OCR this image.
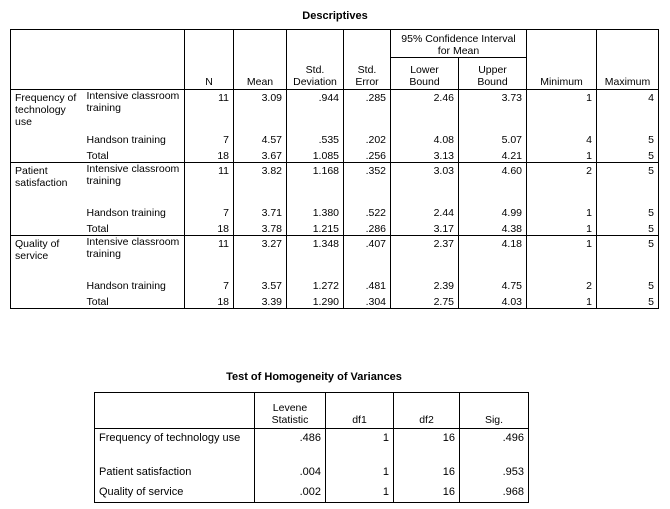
Descriptives
		N	Mean	Std. Deviation	Std. Error	95% Confidence Interval for Mean		Minimum	Maximum
						Lower Bound	Upper Bound		
Frequency of technology use	Intensive classroom training	11	3.09	.944	.285	2.46	3.73	1	4
	Handson training	7	4.57	.535	.202	4.08	5.07	4	5
	Total	18	3.67	1.085	.256	3.13	4.21	1	5
Patient satisfaction	Intensive classroom training	11	3.82	1.168	.352	3.03	4.60	2	5
	Handson training	7	3.71	1.380	.522	2.44	4.99	1	5
	Total	18	3.78	1.215	.286	3.17	4.38	1	5
Quality of service	Intensive classroom training	11	3.27	1.348	.407	2.37	4.18	1	5
	Handson training	7	3.57	1.272	.481	2.39	4.75	2	5
	Total	18	3.39	1.290	.304	2.75	4.03	1	5
Test of Homogeneity of Variances
	Levene Statistic	df1	df2	Sig.
Frequency of technology use	.486	1	16	.496
Patient satisfaction	.004	1	16	.953
Quality of service	.002	1	16	.968
